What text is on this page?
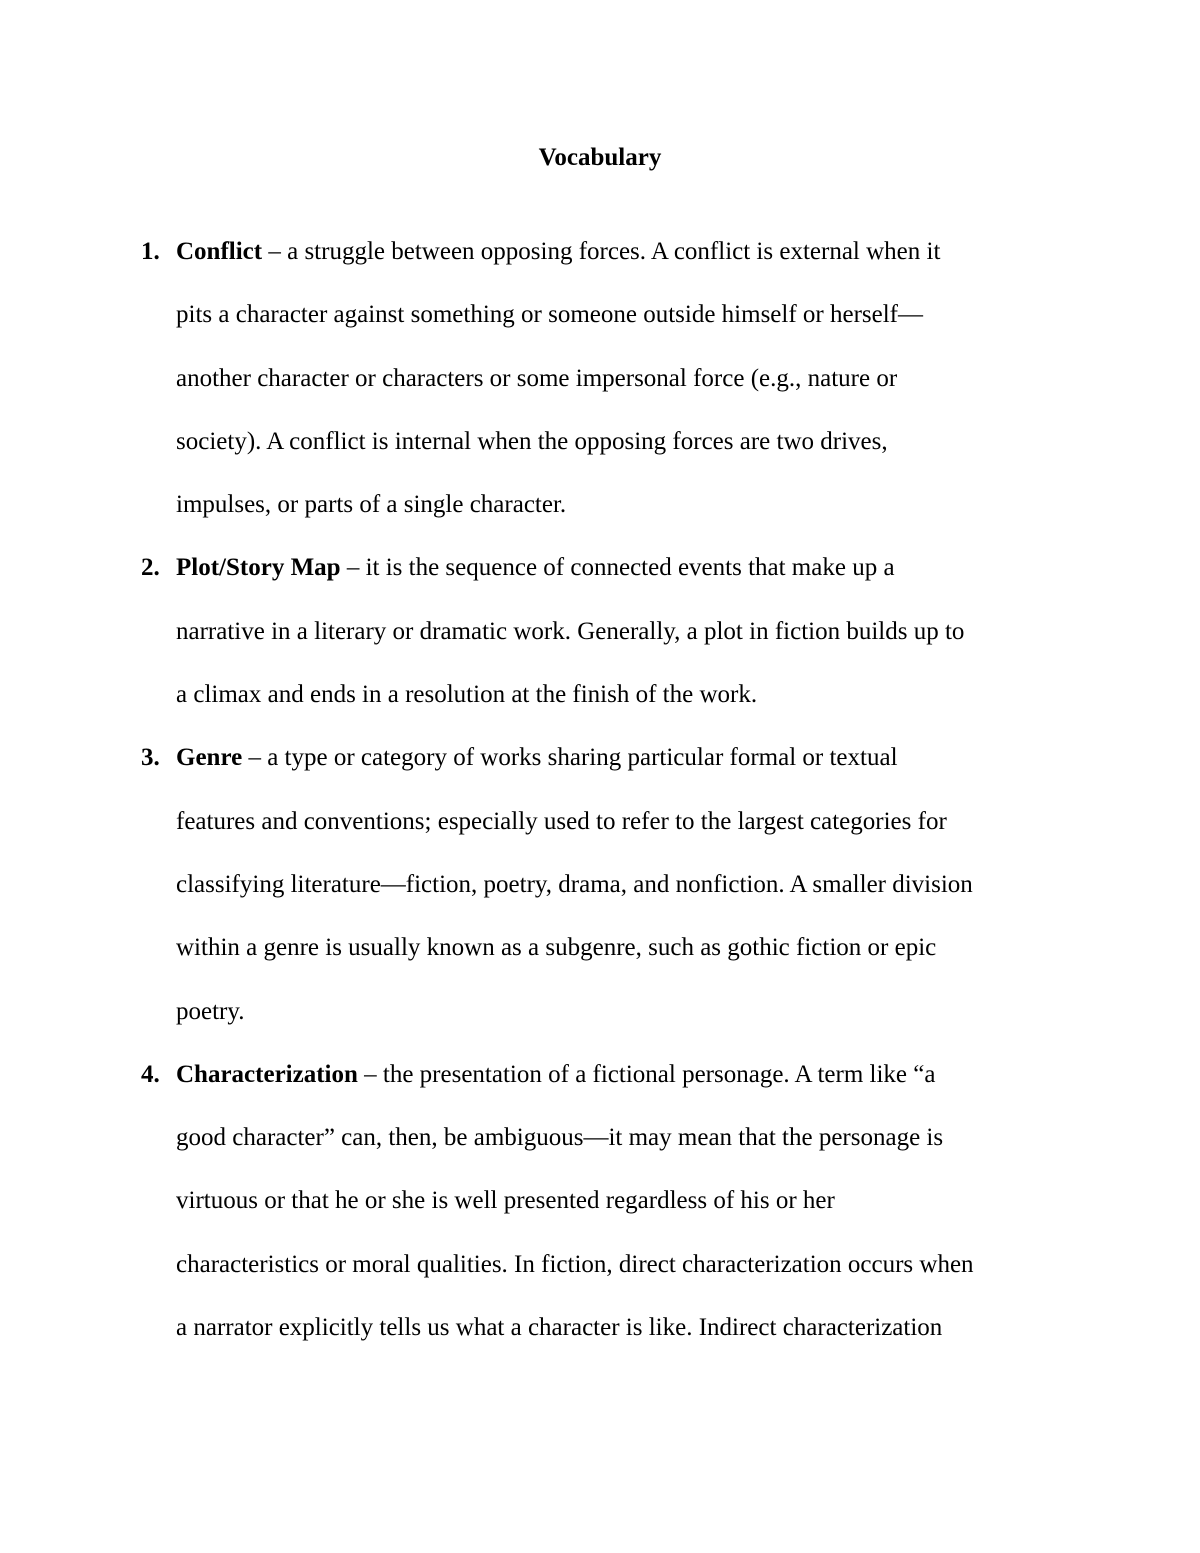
Vocabulary
1. Conflict – a struggle between opposing forces. A conflict is external when it
pits a character against something or someone outside himself or herself—
another character or characters or some impersonal force (e.g., nature or
society). A conflict is internal when the opposing forces are two drives,
impulses, or parts of a single character.
2. Plot/Story Map – it is the sequence of connected events that make up a
narrative in a literary or dramatic work. Generally, a plot in fiction builds up to
a climax and ends in a resolution at the finish of the work.
3. Genre – a type or category of works sharing particular formal or textual
features and conventions; especially used to refer to the largest categories for
classifying literature—fiction, poetry, drama, and nonfiction. A smaller division
within a genre is usually known as a subgenre, such as gothic fiction or epic
poetry.
4. Characterization – the presentation of a fictional personage. A term like “a
good character” can, then, be ambiguous—it may mean that the personage is
virtuous or that he or she is well presented regardless of his or her
characteristics or moral qualities. In fiction, direct characterization occurs when
a narrator explicitly tells us what a character is like. Indirect characterization
